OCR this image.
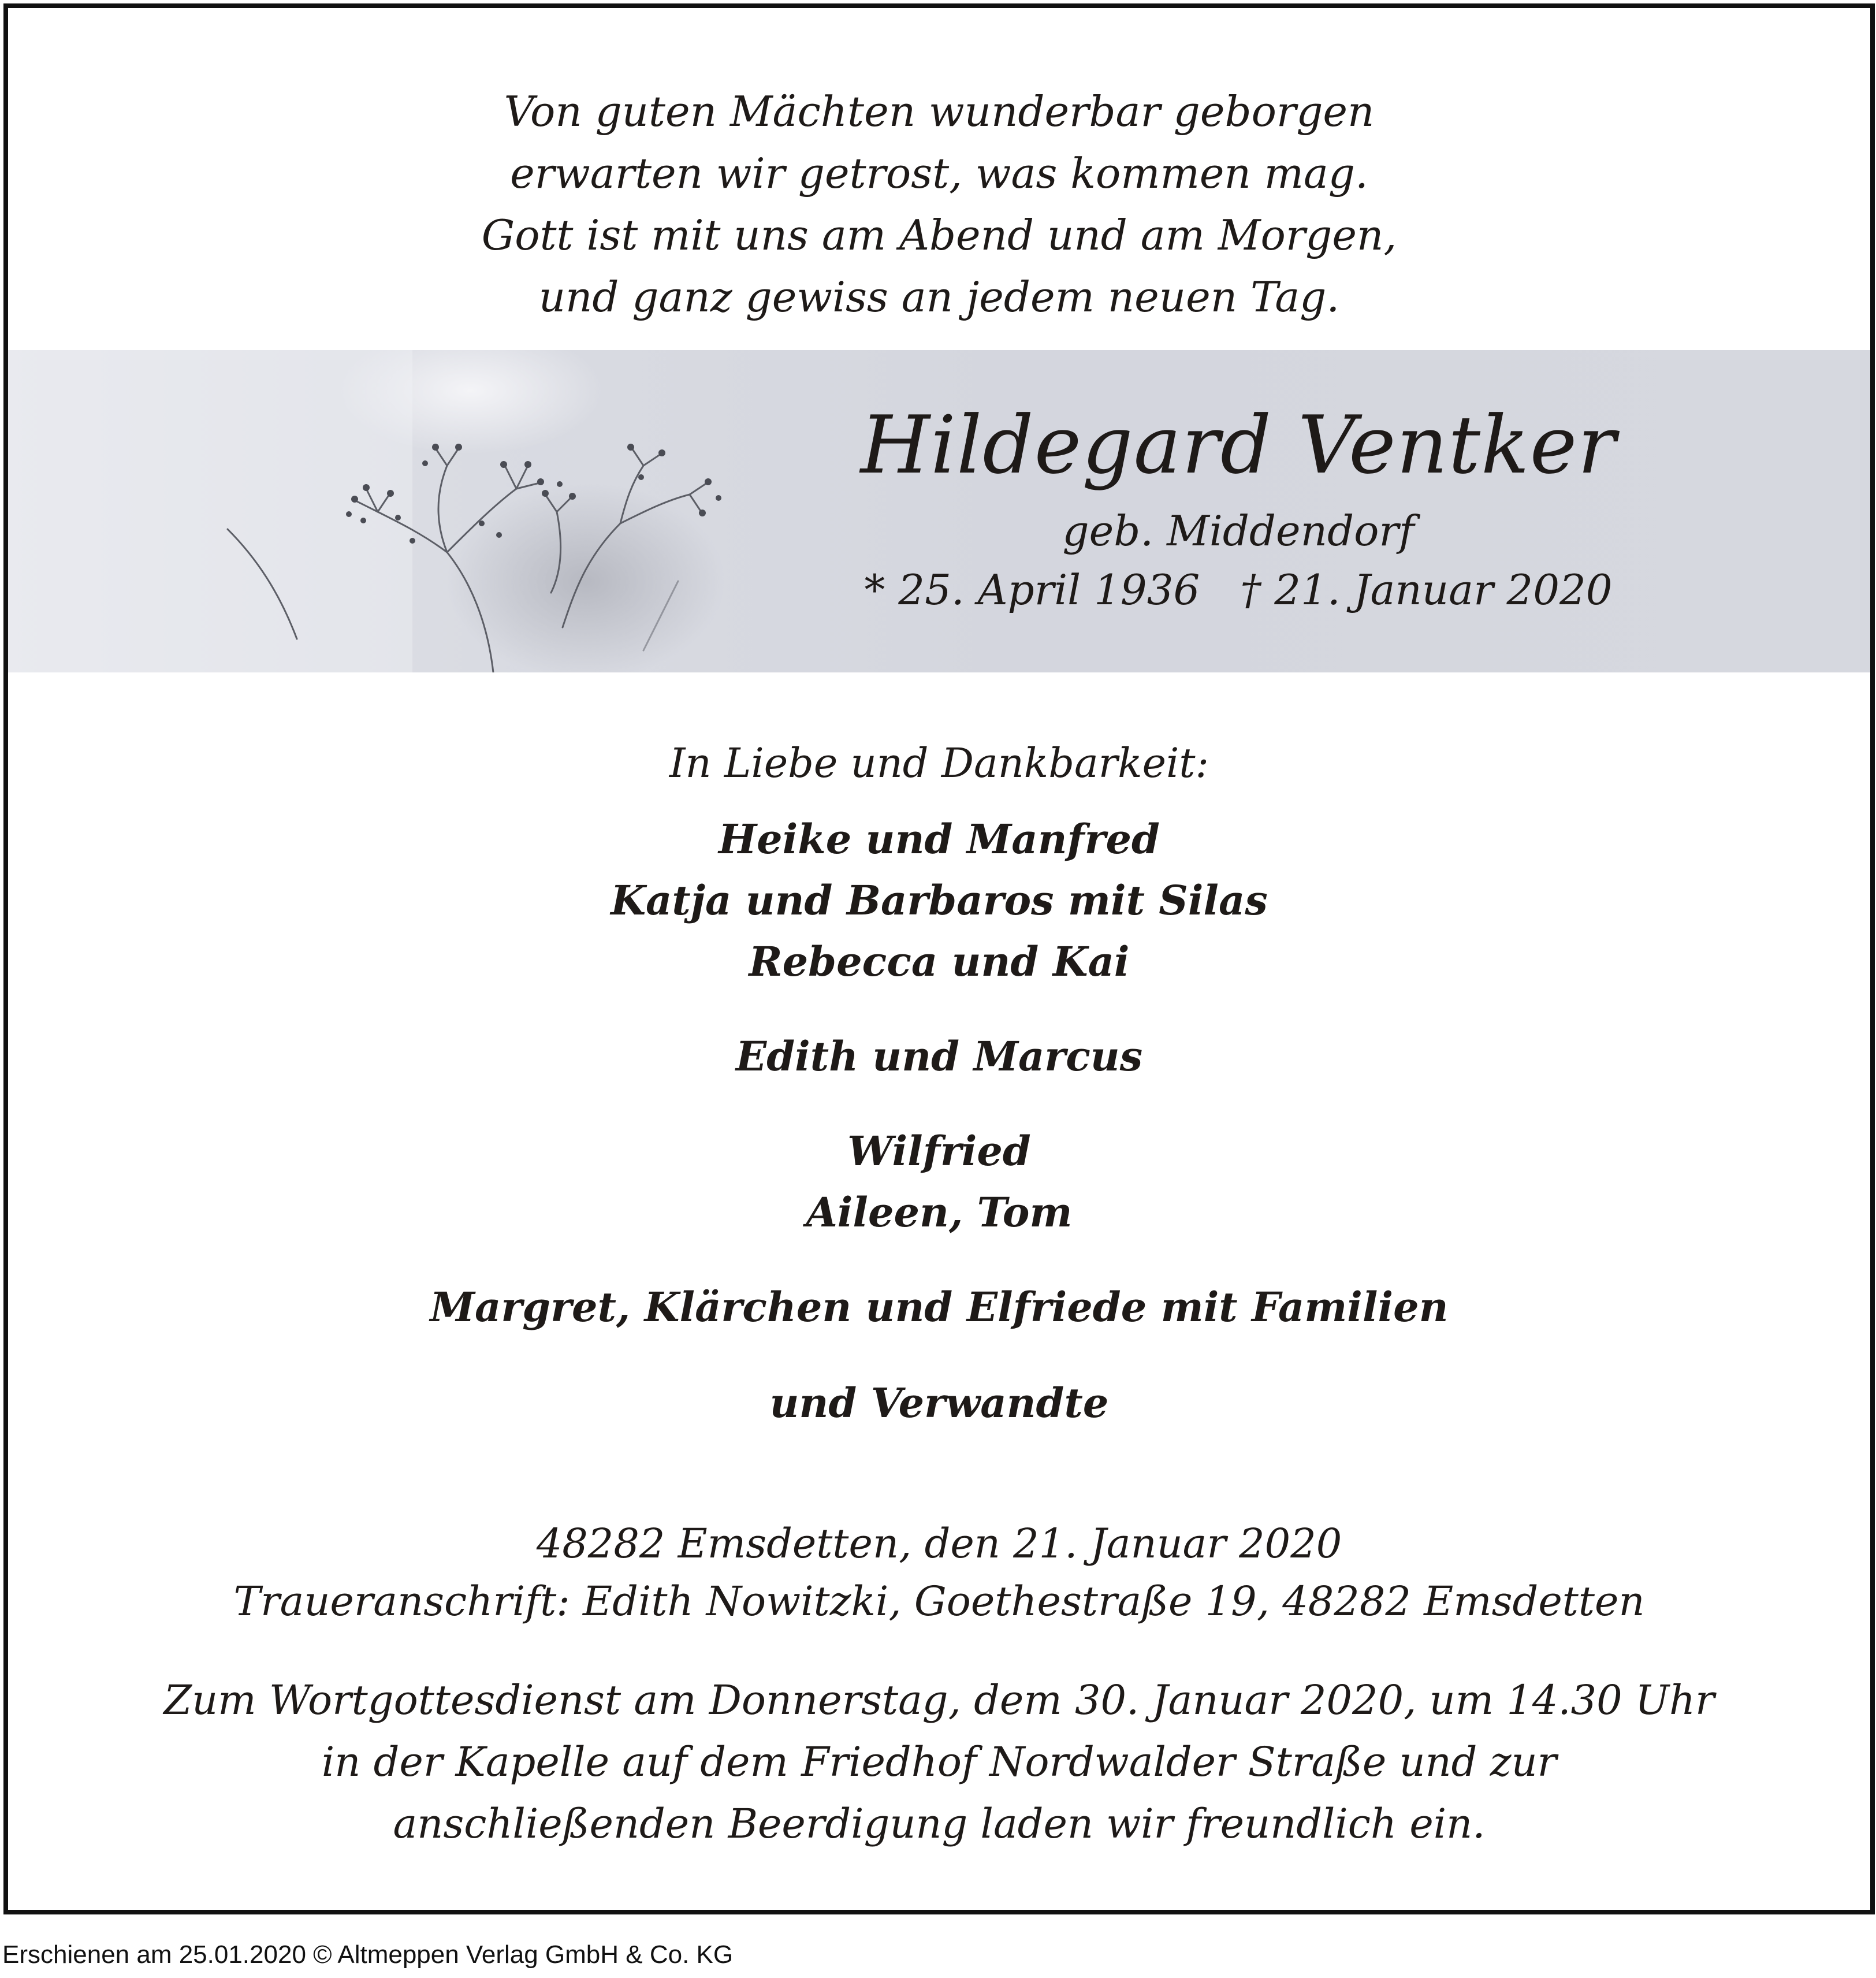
Von guten Mächten wunderbar geborgen
erwarten wir getrost, was kommen mag.
Gott ist mit uns am Abend und am Morgen,
und ganz gewiss an jedem neuen Tag.
Hildegard Ventker
geb. Middendorf
* 25. April 1936 † 21. Januar 2020
In Liebe und Dankbarkeit:
Heike und Manfred
Katja und Barbaros mit Silas
Rebecca und Kai
Edith und Marcus
Wilfried
Aileen, Tom
Margret, Klärchen und Elfriede mit Familien
und Verwandte
48282 Emsdetten, den 21. Januar 2020
Traueranschrift: Edith Nowitzki, Goethestraße 19, 48282 Emsdetten
Zum Wortgottesdienst am Donnerstag, dem 30. Januar 2020, um 14.30 Uhr
in der Kapelle auf dem Friedhof Nordwalder Straße und zur
anschließenden Beerdigung laden wir freundlich ein.
Erschienen am 25.01.2020 © Altmeppen Verlag GmbH & Co. KG
